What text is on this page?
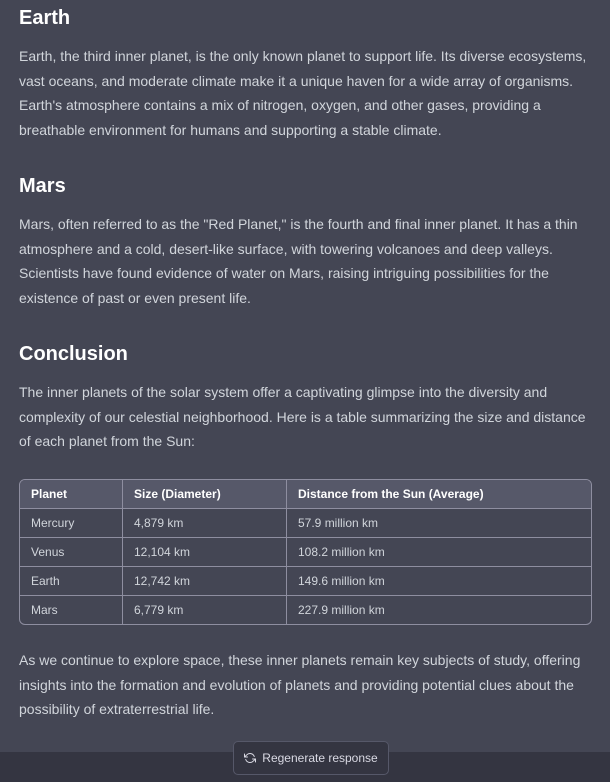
Earth

Earth, the third inner planet, is the only known planet to support life. Its diverse ecosystems, vast oceans, and moderate climate make it a unique haven for a wide array of organisms. Earth's atmosphere contains a mix of nitrogen, oxygen, and other gases, providing a breathable environment for humans and supporting a stable climate.

Mars

Mars, often referred to as the "Red Planet," is the fourth and final inner planet. It has a thin atmosphere and a cold, desert-like surface, with towering volcanoes and deep valleys. Scientists have found evidence of water on Mars, raising intriguing possibilities for the existence of past or even present life.

Conclusion

The inner planets of the solar system offer a captivating glimpse into the diversity and complexity of our celestial neighborhood. Here is a table summarizing the size and distance of each planet from the Sun:

Planet	Size (Diameter)	Distance from the Sun (Average)
Mercury	4,879 km	57.9 million km
Venus	12,104 km	108.2 million km
Earth	12,742 km	149.6 million km
Mars	6,779 km	227.9 million km

As we continue to explore space, these inner planets remain key subjects of study, offering insights into the formation and evolution of planets and providing potential clues about the possibility of extraterrestrial life.

Regenerate response
